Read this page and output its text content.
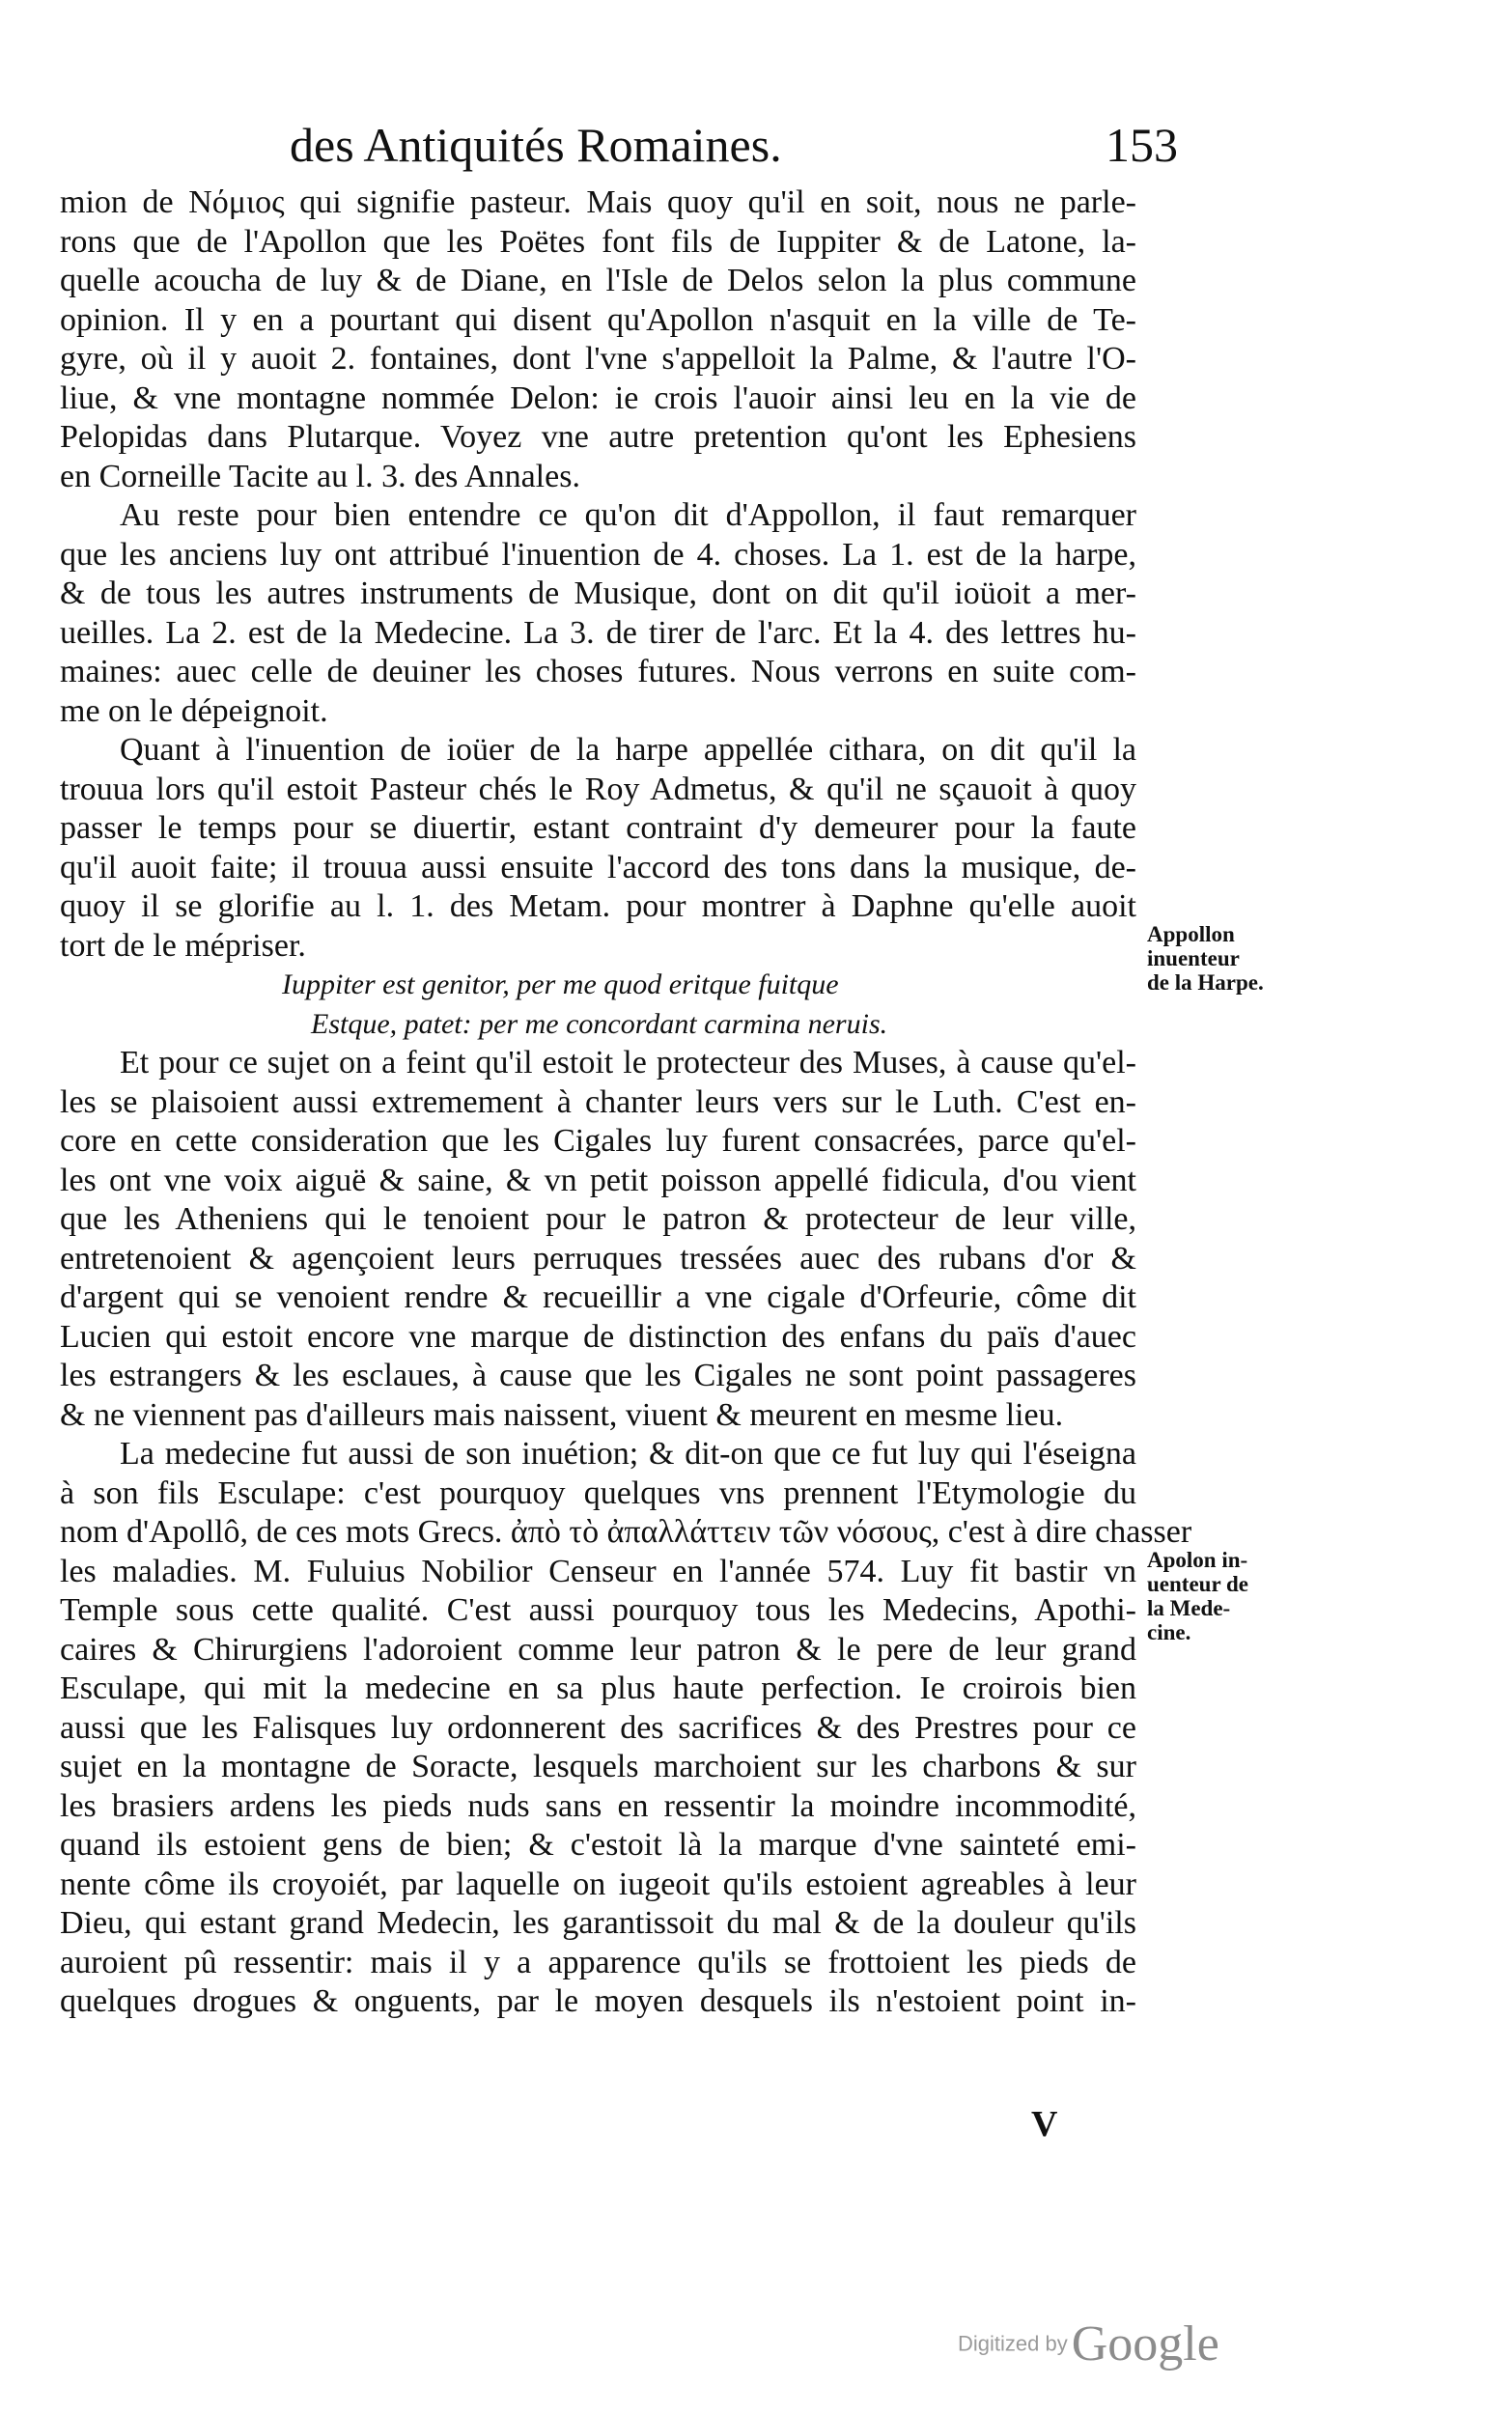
des Antiquités Romaines.	153
mion de Nόμιος qui signifie pasteur. Mais quoy qu'il en soit, nous ne parle-
rons que de l'Apollon que les Poëtes font fils de Iuppiter & de Latone, la-
quelle acoucha de luy & de Diane, en l'Isle de Delos selon la plus commune
opinion. Il y en a pourtant qui disent qu'Apollon n'asquit en la ville de Te-
gyre, où il y auoit 2. fontaines, dont l'vne s'appelloit la Palme, & l'autre l'O-
liue, & vne montagne nommée Delon: ie crois l'auoir ainsi leu en la vie de
Pelopidas dans Plutarque. Voyez vne autre pretention qu'ont les Ephesiens
en Corneille Tacite au l. 3. des Annales.
Au reste pour bien entendre ce qu'on dit d'Appollon, il faut remarquer
que les anciens luy ont attribué l'inuention de 4. choses. La 1. est de la harpe,
& de tous les autres instruments de Musique, dont on dit qu'il ioüoit a mer-
ueilles. La 2. est de la Medecine. La 3. de tirer de l'arc. Et la 4. des lettres hu-
maines: auec celle de deuiner les choses futures. Nous verrons en suite com-
me on le dépeignoit.
Quant à l'inuention de ioüer de la harpe appellée cithara, on dit qu'il la
trouua lors qu'il estoit Pasteur chés le Roy Admetus, & qu'il ne sçauoit à quoy
passer le temps pour se diuertir, estant contraint d'y demeurer pour la faute
qu'il auoit faite; il trouua aussi ensuite l'accord des tons dans la musique, de-
quoy il se glorifie au l. 1. des Metam. pour montrer à Daphne qu'elle auoit
tort de le mépriser.
Iuppiter est genitor, per me quod eritque fuitque
Estque, patet: per me concordant carmina neruis.
Et pour ce sujet on a feint qu'il estoit le protecteur des Muses, à cause qu'el-
les se plaisoient aussi extremement à chanter leurs vers sur le Luth. C'est en-
core en cette consideration que les Cigales luy furent consacrées, parce qu'el-
les ont vne voix aiguë & saine, & vn petit poisson appellé fidicula, d'ou vient
que les Atheniens qui le tenoient pour le patron & protecteur de leur ville,
entretenoient & agençoient leurs perruques tressées auec des rubans d'or &
d'argent qui se venoient rendre & recueillir a vne cigale d'Orfeurie, côme dit
Lucien qui estoit encore vne marque de distinction des enfans du païs d'auec
les estrangers & les esclaues, à cause que les Cigales ne sont point passageres
& ne viennent pas d'ailleurs mais naissent, viuent & meurent en mesme lieu.
La medecine fut aussi de son inuétion; & dit-on que ce fut luy qui l'éseigna
à son fils Esculape: c'est pourquoy quelques vns prennent l'Etymologie du
nom d'Apollô, de ces mots Grecs. ἀπὸ τὸ ἀπαλλάττειν τῶν νόσους, c'est à dire chasser
les maladies. M. Fuluius Nobilior Censeur en l'année 574. Luy fit bastir vn
Temple sous cette qualité. C'est aussi pourquoy tous les Medecins, Apothi-
caires & Chirurgiens l'adoroient comme leur patron & le pere de leur grand
Esculape, qui mit la medecine en sa plus haute perfection. Ie croirois bien
aussi que les Falisques luy ordonnerent des sacrifices & des Prestres pour ce
sujet en la montagne de Soracte, lesquels marchoient sur les charbons & sur
les brasiers ardens les pieds nuds sans en ressentir la moindre incommodité,
quand ils estoient gens de bien; & c'estoit là la marque d'vne sainteté emi-
nente côme ils croyoiét, par laquelle on iugeoit qu'ils estoient agreables à leur
Dieu, qui estant grand Medecin, les garantissoit du mal & de la douleur qu'ils
auroient pû ressentir: mais il y a apparence qu'ils se frottoient les pieds de
quelques drogues & onguents, par le moyen desquels ils n'estoient point in-
Appollon
inuenteur
de la Harpe.
Apolon in-
uenteur de
la Mede-
cine.
V
Digitized by Google
